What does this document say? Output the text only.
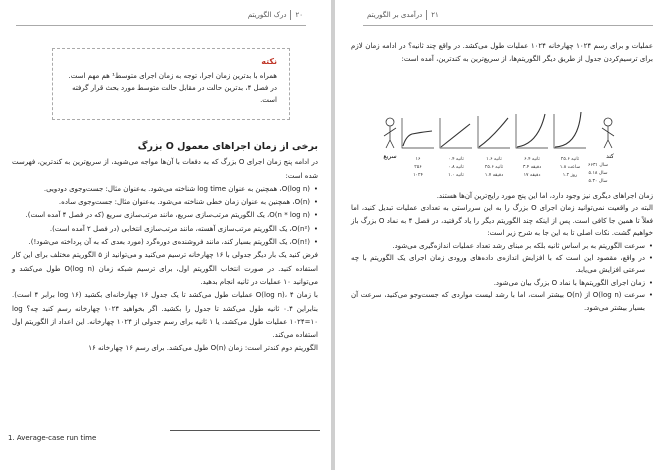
درک الگوریتم ۲۰
نکته
همراه با بدترین زمان اجرا، توجه به زمان اجرای متوسط¹ هم مهم است. در فصل ۴، بدترین حالت در مقابل حالت متوسط مورد بحث قرار گرفته است.
برخی از زمان اجراهای معمول O بزرگ

در ادامه پنج زمان اجرای O بزرگ که به دفعات با آن‌ها مواجه می‌شوید، از سریع‌ترین به کندترین، فهرست شده است:

• O(log n)، همچنین به عنوان log time شناخته می‌شود. به‌عنوان مثال: جست‌وجوی دودویی.
• O(n)، همچنین به عنوان زمان خطی شناخته می‌شود. به‌عنوان مثال: جست‌وجوی ساده.
• O(n * log n)، یک الگوریتم مرتب‌سازی سریع، مانند مرتب‌سازی سریع (که در فصل ۴ آمده است).
• O(n²)، یک الگوریتم مرتب‌سازی آهسته، مانند مرتب‌سازی انتخابی (در فصل ۲ آمده است).
• O(n!)، یک الگوریتم بسیار کند، مانند فروشنده‌ی دوره‌گرد (مورد بعدی که به آن پرداخته می‌شود!).

فرض کنید یک بار دیگر جدولی با ۱۶ چهارخانه ترسیم می‌کنید و می‌توانید از ۵ الگوریتم مختلف برای این کار استفاده کنید. در صورت انتخاب الگوریتم اول، برای ترسیم شبکه زمان O(log n) طول می‌کشد و می‌توانید ۱۰ عملیات در ثانیه انجام بدهید.

با زمان O(log n)، ۴ عملیات طول می‌کشد تا یک جدول ۱۶ چهارخانه‌ای بکشید (log ۱۶ برابر ۴ است). بنابراین ۰.۴ ثانیه طول می‌کشد تا جدول را بکشید. اگر بخواهید ۱۰۲۴ چهارخانه رسم کنید چه؟ log ۱۰۲۴=۱۰ عملیات طول می‌کشد، یا ۱ ثانیه برای رسم جدولی از ۱۰۲۴ چهارخانه. این اعداد از الگوریتم اول استفاده می‌کند.

الگوریتم دوم کندتر است: زمان O(n) طول می‌کشد. برای رسم ۱۶ چهارخانه ۱۶

1. Average-case run time
۲۱
درآمدی بر الگوریتم

عملیات و برای رسم ۱۰۲۴ چهارخانه ۱۰۲۴ عملیات طول می‌کشد. در واقع چند ثانیه؟ در ادامه زمان لازم برای ترسیم‌کردن جدول از طریق دیگر الگوریتم‌ها، از سریع‌ترین به کندترین، آمده است:

زمان اجراهای دیگری نیز وجود دارد، اما این پنج مورد رایج‌ترین آن‌ها هستند.

البته در واقعیت نمی‌توانید زمان اجرای O بزرگ را به این سرراستی به تعدادی عملیات تبدیل کنید، اما فعلاً تا همین جا کافی است. پس از اینکه چند الگوریتم دیگر را یاد گرفتید، در فصل ۴ به نماد O بزرگ باز خواهیم گشت. نکات اصلی تا به این جا به شرح زیر است:

• سرعت الگوریتم به بر اساس ثانیه بلکه بر مبنای رشد تعداد عملیات اندازه‌گیری می‌شود.
• در واقع، مقصود این است که با افزایش اندازه‌ی داده‌های ورودی زمان اجرای یک الگوریتم با چه سرعتی افزایش می‌یابد.
• زمان اجرای الگوریتم‌ها با نماد O بزرگ بیان می‌شود.
• سرعت O(log n) از O(n) بیشتر است، اما با رشد لیست مواردی که جست‌وجو می‌کنید، سرعت آن بسیار بیشتر می‌شود.
سریع	کند
۱۶
۲۵۶
۱۰۲۴
۰.۴ ثانیه
۰.۸ ثانیه
۱.۰ ثانیه
۱.۶ ثانیه
۲۵.۶ ثانیه
۱.۷ دقیقه
۶.۴ ثانیه
۳.۴ دقیقه
۱۷ دقیقه
۲۵.۶ ثانیه
۱.۸ ساعت
۱.۲ روز
۶۶۳۱ سال
۵.۱۸ سال
۵.۳۰ سال
